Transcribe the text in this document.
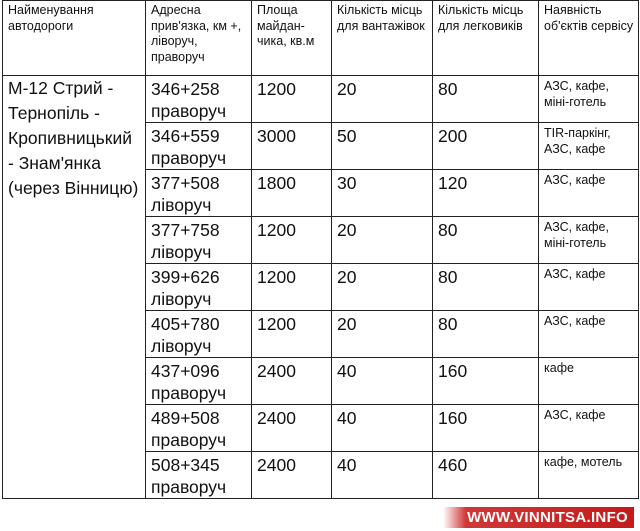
Найменування автодороги	Адресна прив'язка, км +, ліворуч, праворуч	Площа майдан-чика, кв.м	Кількість місць для вантажівок	Кількість місць для легковиків	Наявність об'єктів сервісу
М-12 Стрий - Тернопіль - Кропивницький - Знам'янка (через Вінницю)	346+258 праворуч	1200	20	80	АЗС, кафе, міні-готель
	346+559 праворуч	3000	50	200	TIR-паркінг, АЗС, кафе
	377+508 ліворуч	1800	30	120	АЗС, кафе
	377+758 ліворуч	1200	20	80	АЗС, кафе, міні-готель
	399+626 ліворуч	1200	20	80	АЗС, кафе
	405+780 ліворуч	1200	20	80	АЗС, кафе
	437+096 праворуч	2400	40	160	кафе
	489+508 праворуч	2400	40	160	АЗС, кафе
	508+345 праворуч	2400	40	460	кафе, мотель
WWW.VINNITSA.INFO
